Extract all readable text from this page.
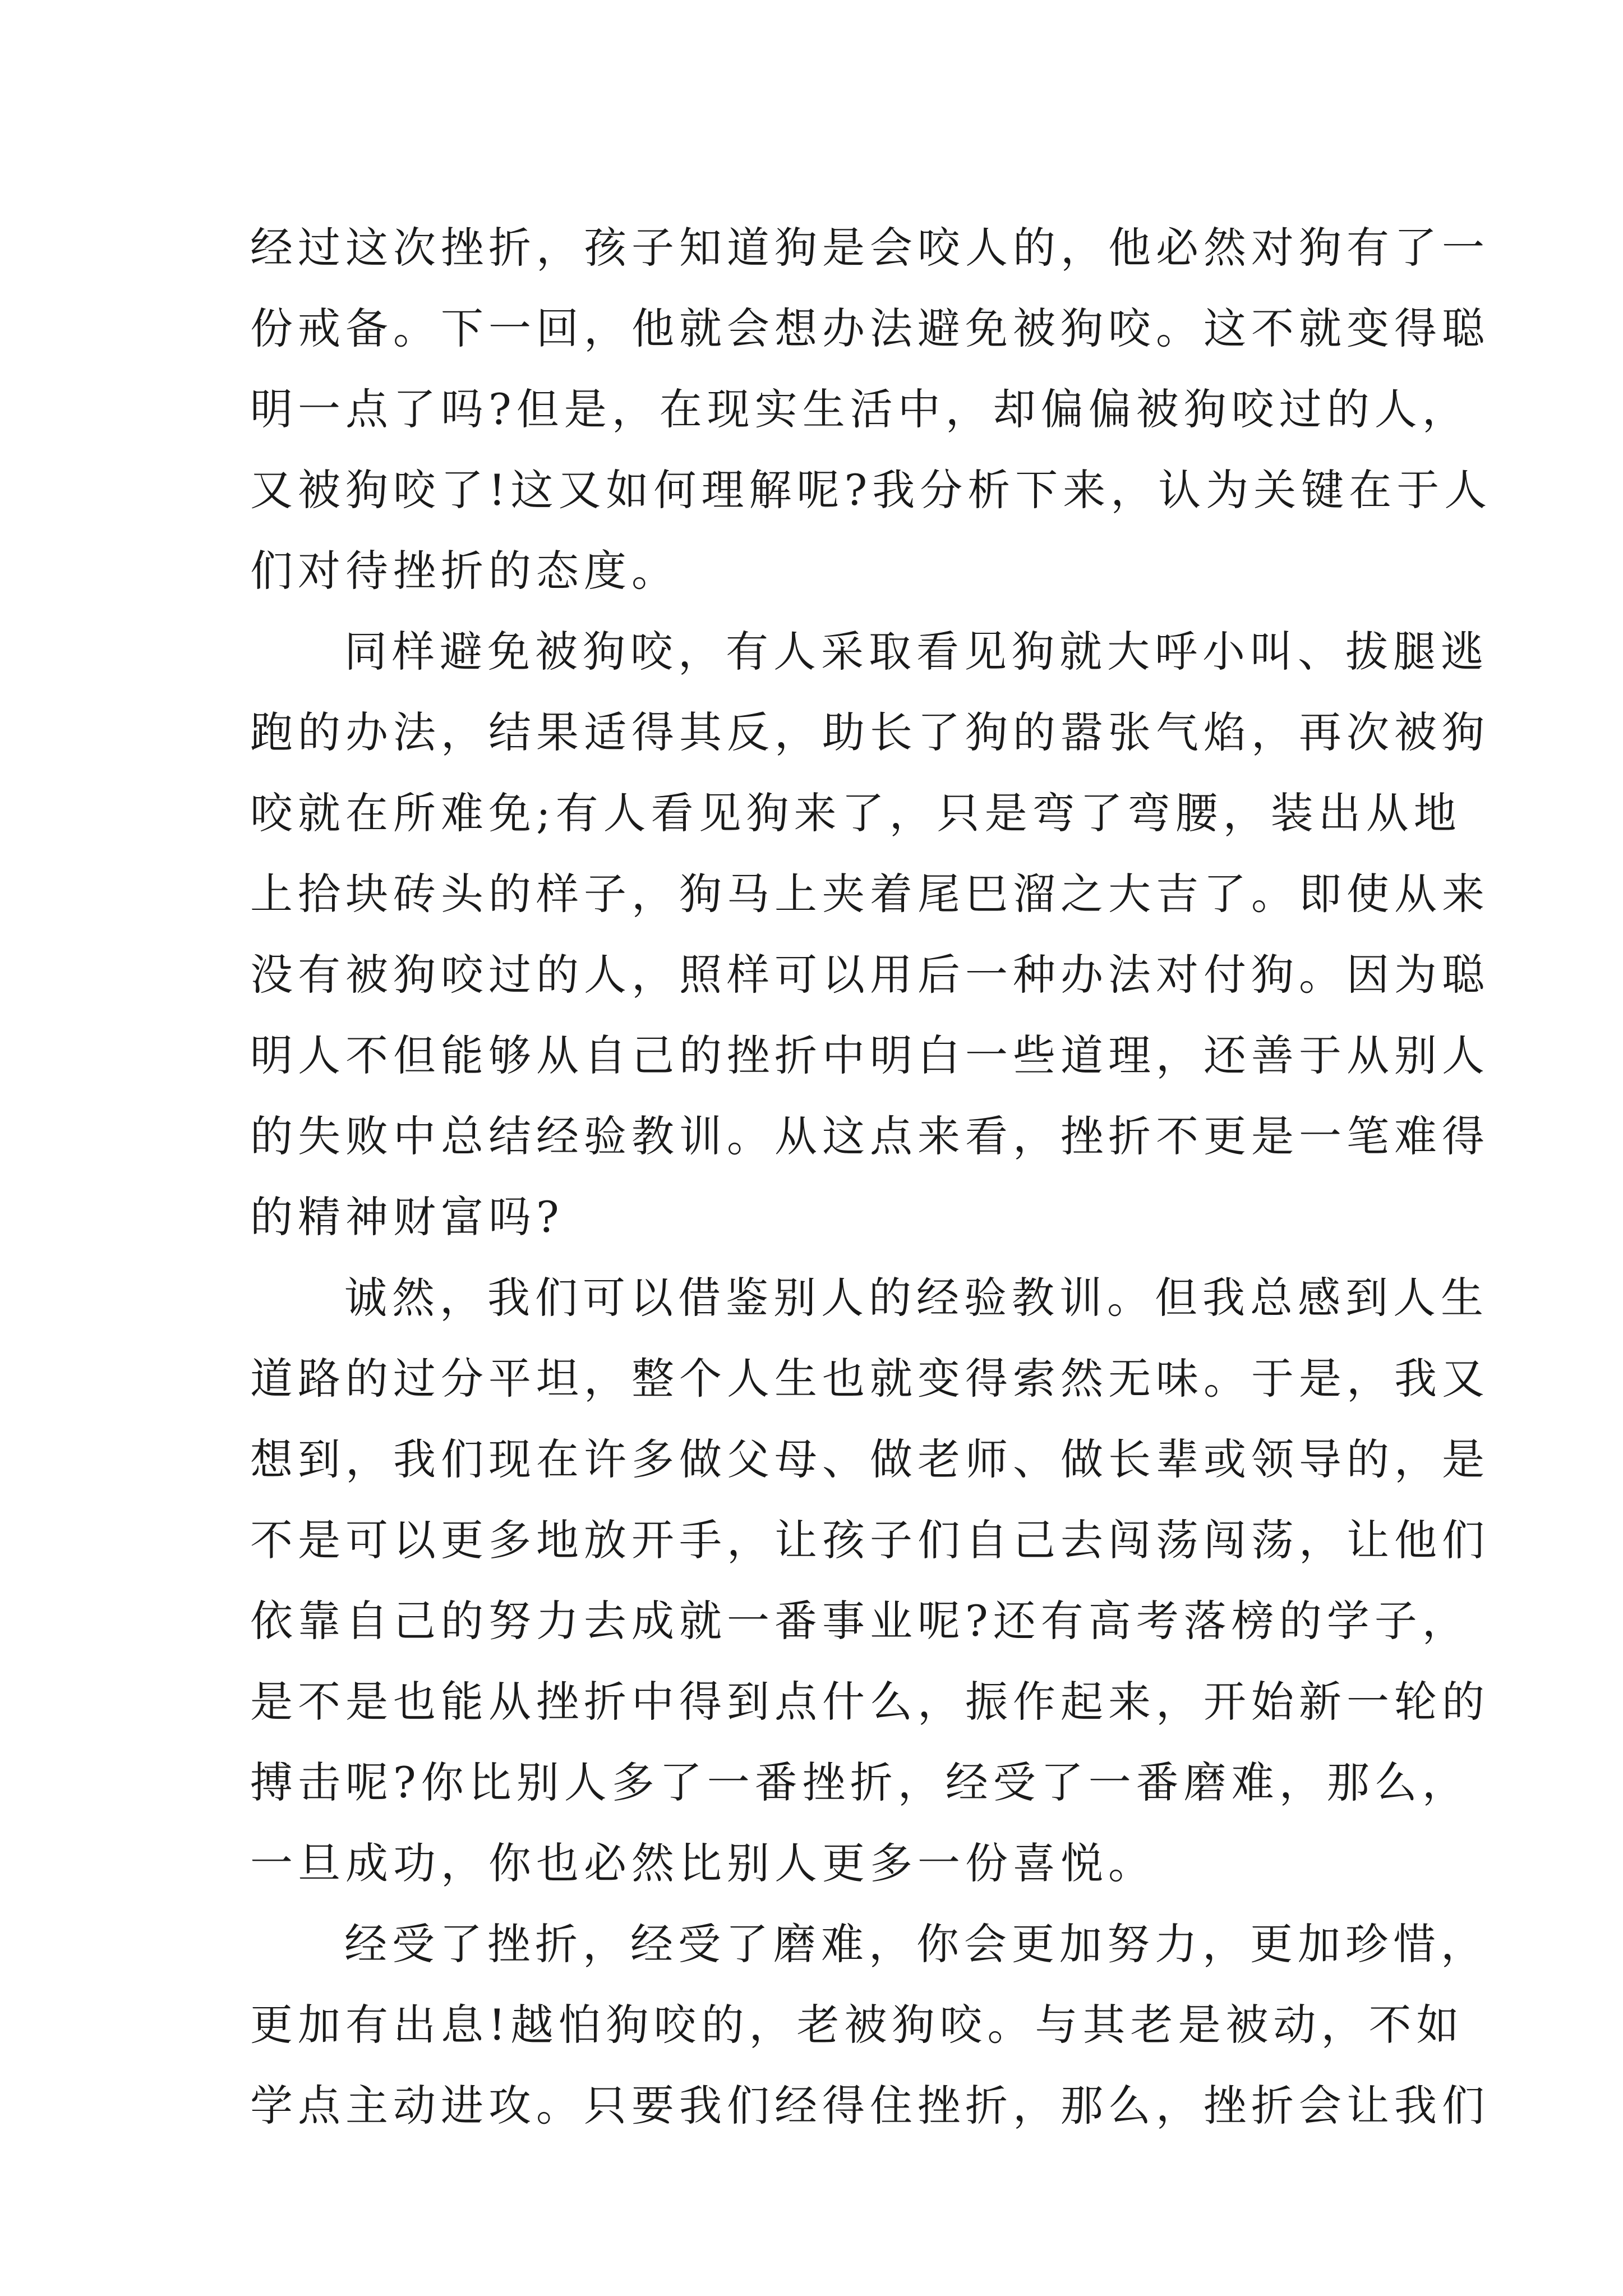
经过这次挫折，孩子知道狗是会咬人的，他必然对狗有了一
份戒备。下一回，他就会想办法避免被狗咬。这不就变得聪
明一点了吗?但是，在现实生活中，却偏偏被狗咬过的人，
又被狗咬了!这又如何理解呢?我分析下来，认为关键在于人
们对待挫折的态度。
同样避免被狗咬，有人采取看见狗就大呼小叫、拔腿逃
跑的办法，结果适得其反，助长了狗的嚣张气焰，再次被狗
咬就在所难免;有人看见狗来了，只是弯了弯腰，装出从地
上拾块砖头的样子，狗马上夹着尾巴溜之大吉了。即使从来
没有被狗咬过的人，照样可以用后一种办法对付狗。因为聪
明人不但能够从自己的挫折中明白一些道理，还善于从别人
的失败中总结经验教训。从这点来看，挫折不更是一笔难得
的精神财富吗?
诚然，我们可以借鉴别人的经验教训。但我总感到人生
道路的过分平坦，整个人生也就变得索然无味。于是，我又
想到，我们现在许多做父母、做老师、做长辈或领导的，是
不是可以更多地放开手，让孩子们自己去闯荡闯荡，让他们
依靠自己的努力去成就一番事业呢?还有高考落榜的学子，
是不是也能从挫折中得到点什么，振作起来，开始新一轮的
搏击呢?你比别人多了一番挫折，经受了一番磨难，那么，
一旦成功，你也必然比别人更多一份喜悦。
经受了挫折，经受了磨难，你会更加努力，更加珍惜，
更加有出息!越怕狗咬的，老被狗咬。与其老是被动，不如
学点主动进攻。只要我们经得住挫折，那么，挫折会让我们
